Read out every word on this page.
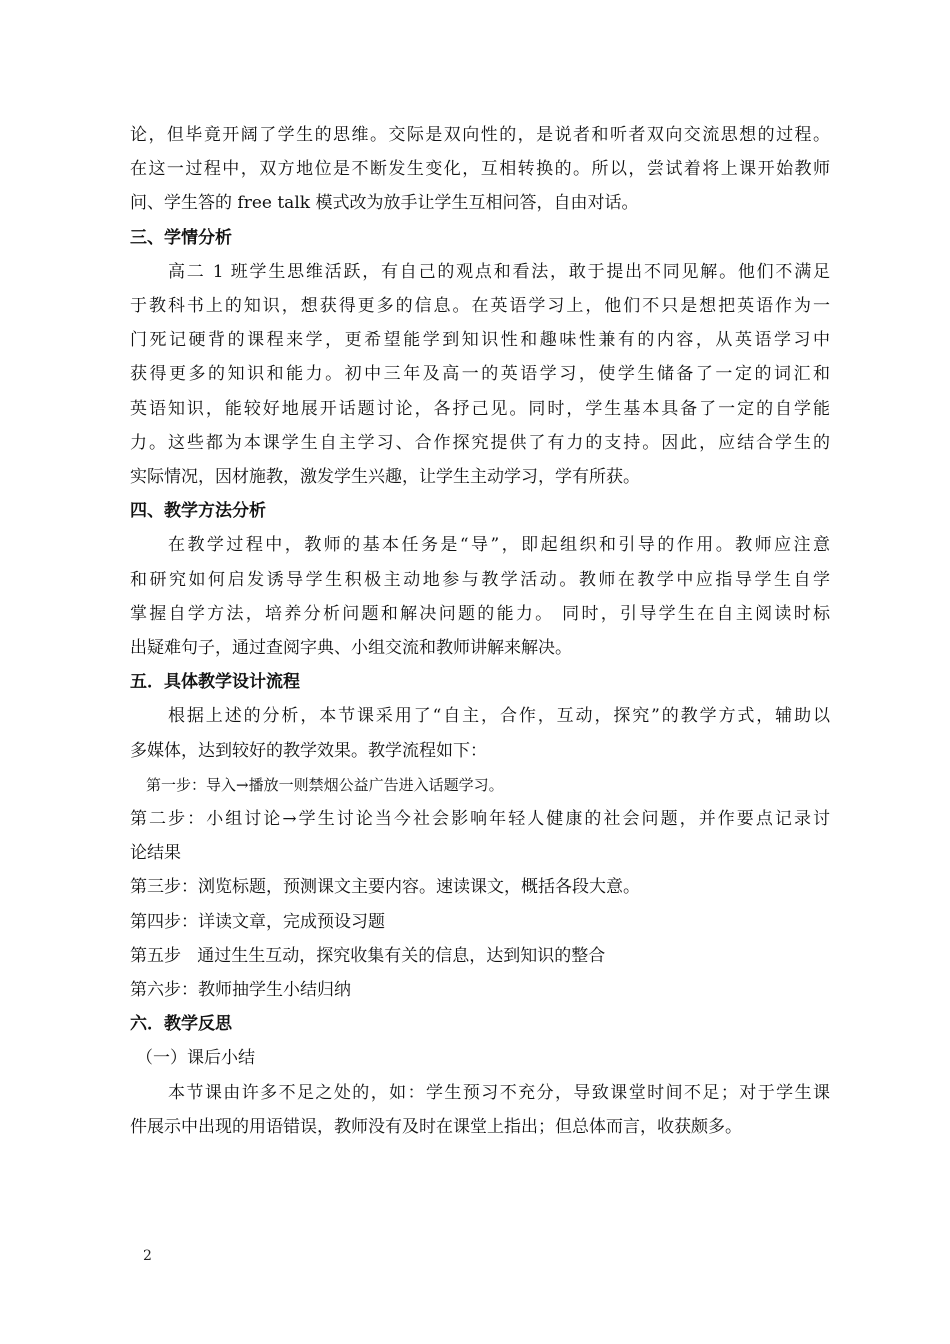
论，但毕竟开阔了学生的思维。交际是双向性的，是说者和听者双向交流思想的过程。
在这一过程中，双方地位是不断发生变化，互相转换的。所以，尝试着将上课开始教师
问、学生答的 free talk 模式改为放手让学生互相问答，自由对话。
三、学情分析
高二 1 班学生思维活跃，有自己的观点和看法，敢于提出不同见解。他们不满足
于教科书上的知识，想获得更多的信息。在英语学习上，他们不只是想把英语作为一
门死记硬背的课程来学，更希望能学到知识性和趣味性兼有的内容，从英语学习中
获得更多的知识和能力。初中三年及高一的英语学习，使学生储备了一定的词汇和
英语知识，能较好地展开话题讨论，各抒己见。同时，学生基本具备了一定的自学能
力。这些都为本课学生自主学习、合作探究提供了有力的支持。因此，应结合学生的
实际情况，因材施教，激发学生兴趣，让学生主动学习，学有所获。
四、教学方法分析
在教学过程中，教师的基本任务是“导”，即起组织和引导的作用。教师应注意
和研究如何启发诱导学生积极主动地参与教学活动。教师在教学中应指导学生自学
掌握自学方法，培养分析问题和解决问题的能力。 同时，引导学生在自主阅读时标
出疑难句子，通过查阅字典、小组交流和教师讲解来解决。
五．具体教学设计流程
根据上述的分析，本节课采用了“自主，合作，互动，探究”的教学方式，辅助以
多媒体，达到较好的教学效果。教学流程如下：
第一步：导入→播放一则禁烟公益广告进入话题学习。
第二步：小组讨论→学生讨论当今社会影响年轻人健康的社会问题，并作要点记录讨
论结果
第三步：浏览标题，预测课文主要内容。速读课文，概括各段大意。
第四步：详读文章，完成预设习题
第五步   通过生生互动，探究收集有关的信息，达到知识的整合
第六步：教师抽学生小结归纳
六．教学反思
（一）课后小结
本节课由许多不足之处的，如：学生预习不充分，导致课堂时间不足；对于学生课
件展示中出现的用语错误，教师没有及时在课堂上指出；但总体而言，收获颇多。
2
